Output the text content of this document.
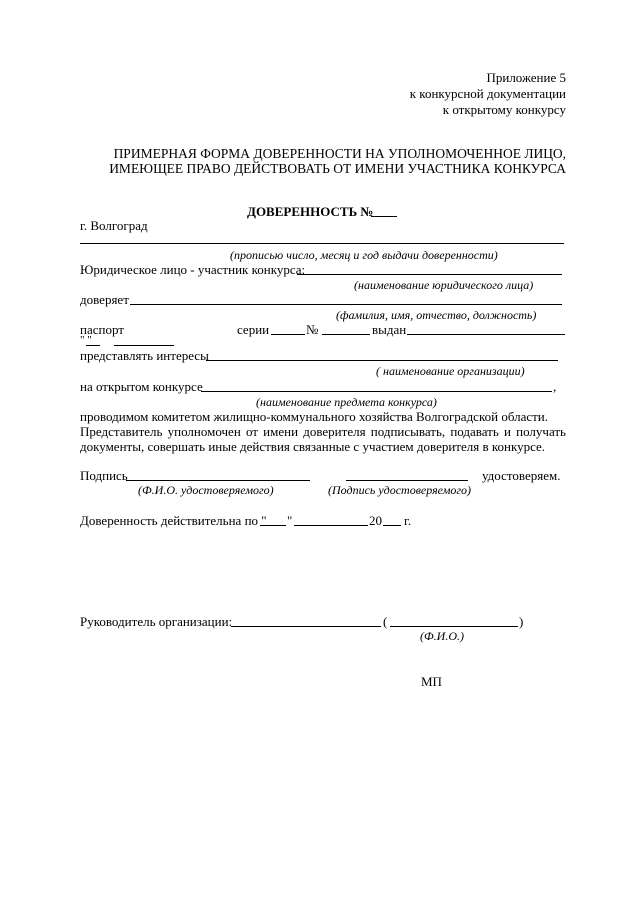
Приложение 5
к конкурсной документации
к открытому конкурсу
ПРИМЕРНАЯ ФОРМА ДОВЕРЕННОСТИ НА УПОЛНОМОЧЕННОЕ ЛИЦО,
ИМЕЮЩЕЕ ПРАВО ДЕЙСТВОВАТЬ ОТ ИМЕНИ УЧАСТНИКА КОНКУРСА
ДОВЕРЕННОСТЬ №
г. Волгоград
(прописью число, месяц и год выдачи доверенности)
Юридическое лицо - участник конкурса:
(наименование юридического лица)
доверяет
(фамилия, имя, отчество, должность)
паспорт	серии	№	выдан
" "
представлять интересы
( наименование организации)
на открытом конкурсе	,
(наименование предмета конкурса)
проводимом комитетом жилищно-коммунального хозяйства Волгоградской области.
Представитель уполномочен от имени доверителя подписывать, подавать и получать документы, совершать иные действия связанные с участием доверителя в конкурсе.
Подпись	удостоверяем.
(Ф.И.О. удостоверяемого)	(Подпись удостоверяемого)
Доверенность действительна по " "	20 г.
Руководитель организации:	(	)
(Ф.И.О.)
МП
